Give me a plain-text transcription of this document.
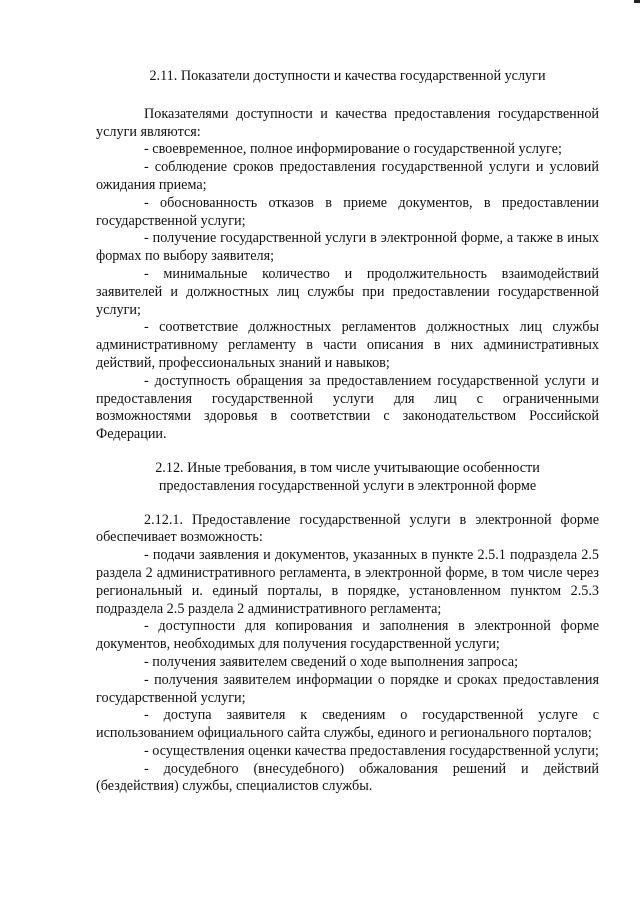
2.11. Показатели доступности и качества государственной услуги
Показателями доступности и качества предоставления государственной услуги являются:
- своевременное, полное информирование о государственной услуге;
- соблюдение сроков предоставления государственной услуги и условий ожидания приема;
- обоснованность отказов в приеме документов, в предоставлении государственной услуги;
- получение государственной услуги в электронной форме, а также в иных формах по выбору заявителя;
- минимальные количество и продолжительность взаимодействий заявителей и должностных лиц службы при предоставлении государственной услуги;
- соответствие должностных регламентов должностных лиц службы административному регламенту в части описания в них административных действий, профессиональных знаний и навыков;
- доступность обращения за предоставлением государственной услуги и предоставления государственной услуги для лиц с ограниченными возможностями здоровья в соответствии с законодательством Российской Федерации.
2.12. Иные требования, в том числе учитывающие особенности
предоставления государственной услуги в электронной форме
2.12.1. Предоставление государственной услуги в электронной форме обеспечивает возможность:
- подачи заявления и документов, указанных в пункте 2.5.1 подраздела 2.5 раздела 2 административного регламента, в электронной форме, в том числе через региональный и. единый порталы, в порядке, установленном пунктом 2.5.3 подраздела 2.5 раздела 2 административного регламента;
- доступности для копирования и заполнения в электронной форме документов, необходимых для получения государственной услуги;
- получения заявителем сведений о ходе выполнения запроса;
- получения заявителем информации о порядке и сроках предоставления государственной услуги;
- доступа заявителя к сведениям о государственной услуге с использованием официального сайта службы, единого и регионального порталов;
- осуществления оценки качества предоставления государственной услуги;
- досудебного (внесудебного) обжалования решений и действий (бездействия) службы, специалистов службы.
